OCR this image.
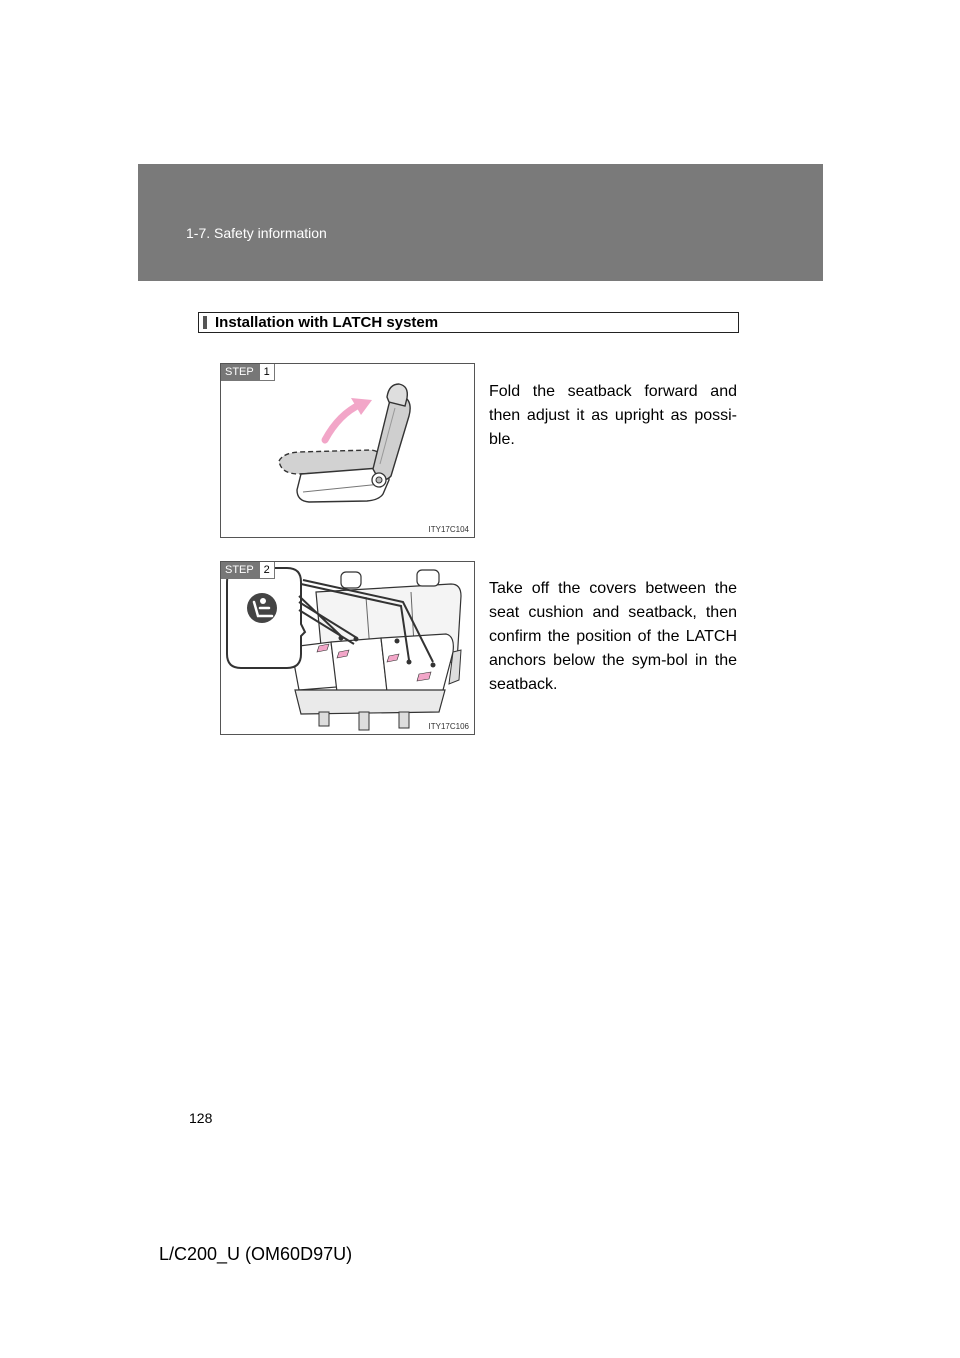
1-7. Safety information
Installation with LATCH system
STEP 1
ITY17C104
Fold the seatback forward and then adjust it as upright as possi-ble.
STEP 2
ITY17C106
Take off the covers between the seat cushion and seatback, then confirm the position of the LATCH anchors below the sym-bol in the seatback.
128
L/C200_U (OM60D97U)
